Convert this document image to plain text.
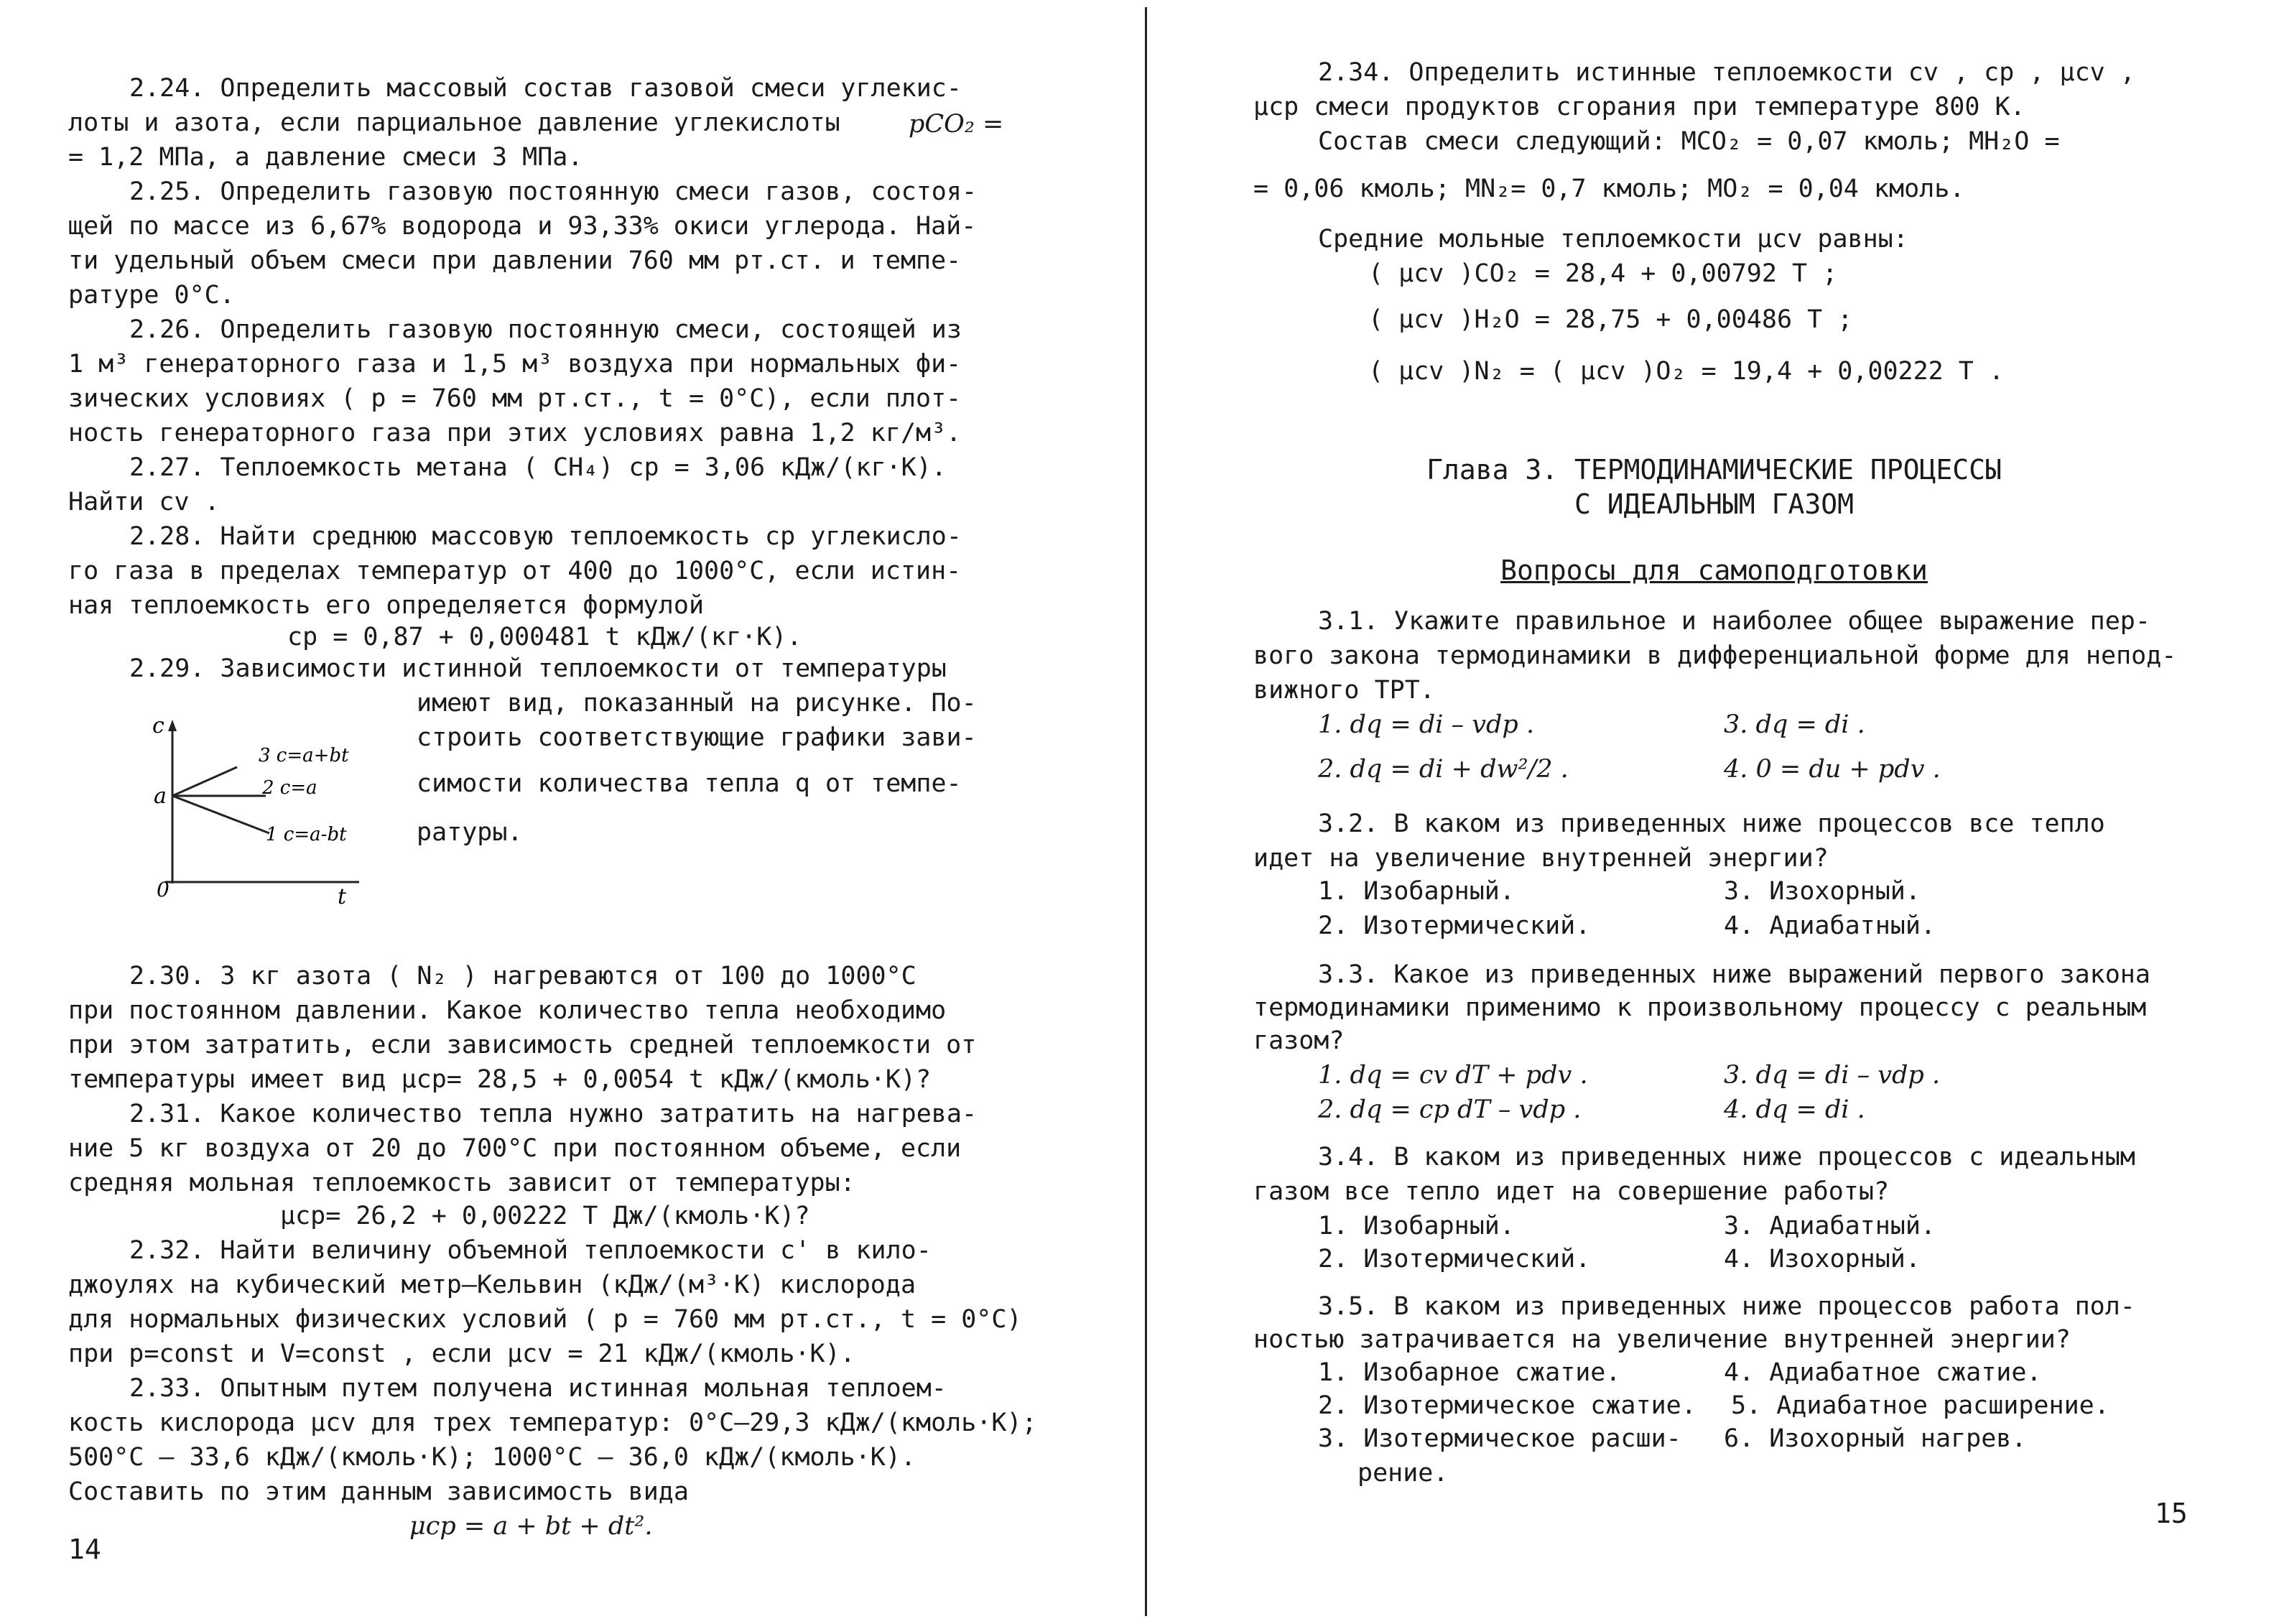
2.24. Определить массовый состав газовой смеси углекис-
лоты и азота, если парциальное давление углекислоты	pCO₂ =
= 1,2 МПа, а давление смеси 3 МПа.
2.25. Определить газовую постоянную смеси газов, состоя-
щей по массе из 6,67% водорода и 93,33% окиси углерода. Най-
ти удельный объем смеси при давлении 760 мм рт.ст. и темпе-
ратуре 0°С.
2.26. Определить газовую постоянную смеси, состоящей из
1 м³ генераторного газа и 1,5 м³ воздуха при нормальных фи-
зических условиях ( p = 760 мм рт.ст., t = 0°С), если плот-
ность генераторного газа при этих условиях равна 1,2 кг/м³.
2.27. Теплоемкость метана ( CH₄) cp = 3,06 кДж/(кг·К).
Найти cv .
2.28. Найти среднюю массовую теплоемкость cp углекисло-
го газа в пределах температур от 400 до 1000°С, если истин-
ная теплоемкость его определяется формулой
cp = 0,87 + 0,000481 t кДж/(кг·К).
2.29. Зависимости истинной теплоемкости от температуры
имеют вид, показанный на рисунке. По-
строить соответствующие графики зави-
симости количества тепла q от темпе-
ратуры.
c
t
0
a
3 c=a+bt
2 c=a
1 c=a-bt
2.30. 3 кг азота ( N₂ ) нагреваются от 100 до 1000°С
при постоянном давлении. Какое количество тепла необходимо
при этом затратить, если зависимость средней теплоемкости от
температуры имеет вид μcp= 28,5 + 0,0054 t кДж/(кмоль·К)?
2.31. Какое количество тепла нужно затратить на нагрева-
ние 5 кг воздуха от 20 до 700°С при постоянном объеме, если
средняя мольная теплоемкость зависит от температуры:
μcp= 26,2 + 0,00222 T Дж/(кмоль·К)?
2.32. Найти величину объемной теплоемкости c' в кило-
джоулях на кубический метр–Кельвин (кДж/(м³·К) кислорода
для нормальных физических условий ( p = 760 мм рт.ст., t = 0°С)
при p=const и V=const , если μcv = 21 кДж/(кмоль·К).
2.33. Опытным путем получена истинная мольная теплоем-
кость кислорода μcv для трех температур: 0°С–29,3 кДж/(кмоль·К);
500°С – 33,6 кДж/(кмоль·К); 1000°С – 36,0 кДж/(кмоль·К).
Составить по этим данным зависимость вида
μcp = a + bt + dt².
14
2.34. Определить истинные теплоемкости cv , cp , μcv ,
μcp смеси продуктов сгорания при температуре 800 К.
Состав смеси следующий: MCO₂ = 0,07 кмоль; MH₂O =
= 0,06 кмоль; MN₂= 0,7 кмоль; MO₂ = 0,04 кмоль.
Средние мольные теплоемкости μcv равны:
( μcv )CO₂ = 28,4 + 0,00792 T ;
( μcv )H₂O = 28,75 + 0,00486 T ;
( μcv )N₂ = ( μcv )O₂ = 19,4 + 0,00222 T .
Глава 3. ТЕРМОДИНАМИЧЕСКИЕ ПРОЦЕССЫ
С ИДЕАЛЬНЫМ ГАЗОМ
Вопросы для самоподготовки
3.1. Укажите правильное и наиболее общее выражение пер-
вого закона термодинамики в дифференциальной форме для непод-
вижного ТРТ.
1. dq = di – vdp .	3. dq = di .
2. dq = di + dw²/2 .	4. 0 = du + pdv .
3.2. В каком из приведенных ниже процессов все тепло
идет на увеличение внутренней энергии?
1. Изобарный.	3. Изохорный.
2. Изотермический.	4. Адиабатный.
3.3. Какое из приведенных ниже выражений первого закона
термодинамики применимо к произвольному процессу с реальным
газом?
1. dq = cv dT + pdv .	3. dq = di – vdp .
2. dq = cp dT – vdp .	4. dq = di .
3.4. В каком из приведенных ниже процессов с идеальным
газом все тепло идет на совершение работы?
1. Изобарный.	3. Адиабатный.
2. Изотермический.	4. Изохорный.
3.5. В каком из приведенных ниже процессов работа пол-
ностью затрачивается на увеличение внутренней энергии?
1. Изобарное сжатие.	4. Адиабатное сжатие.
2. Изотермическое сжатие. 5. Адиабатное расширение.
3. Изотермическое расши- 6. Изохорный нагрев.
рение.
15
